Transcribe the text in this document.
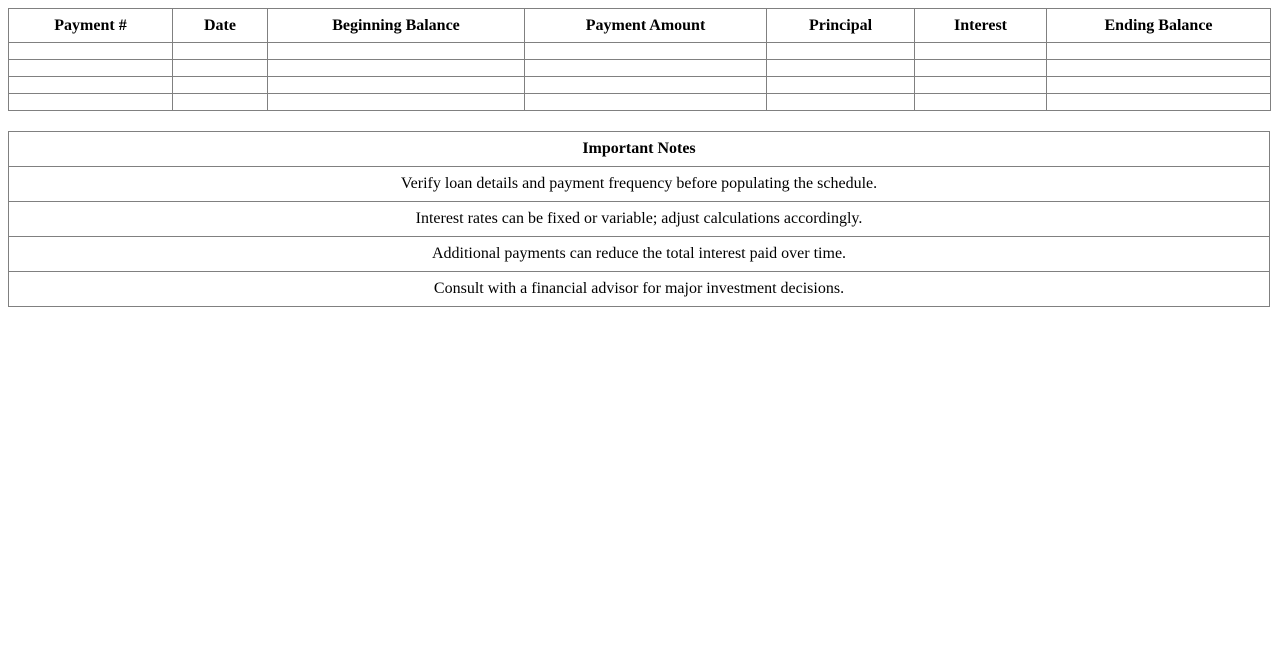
Payment #	Date	Beginning Balance	Payment Amount	Principal	Interest	Ending Balance

Important Notes
Verify loan details and payment frequency before populating the schedule.
Interest rates can be fixed or variable; adjust calculations accordingly.
Additional payments can reduce the total interest paid over time.
Consult with a financial advisor for major investment decisions.
